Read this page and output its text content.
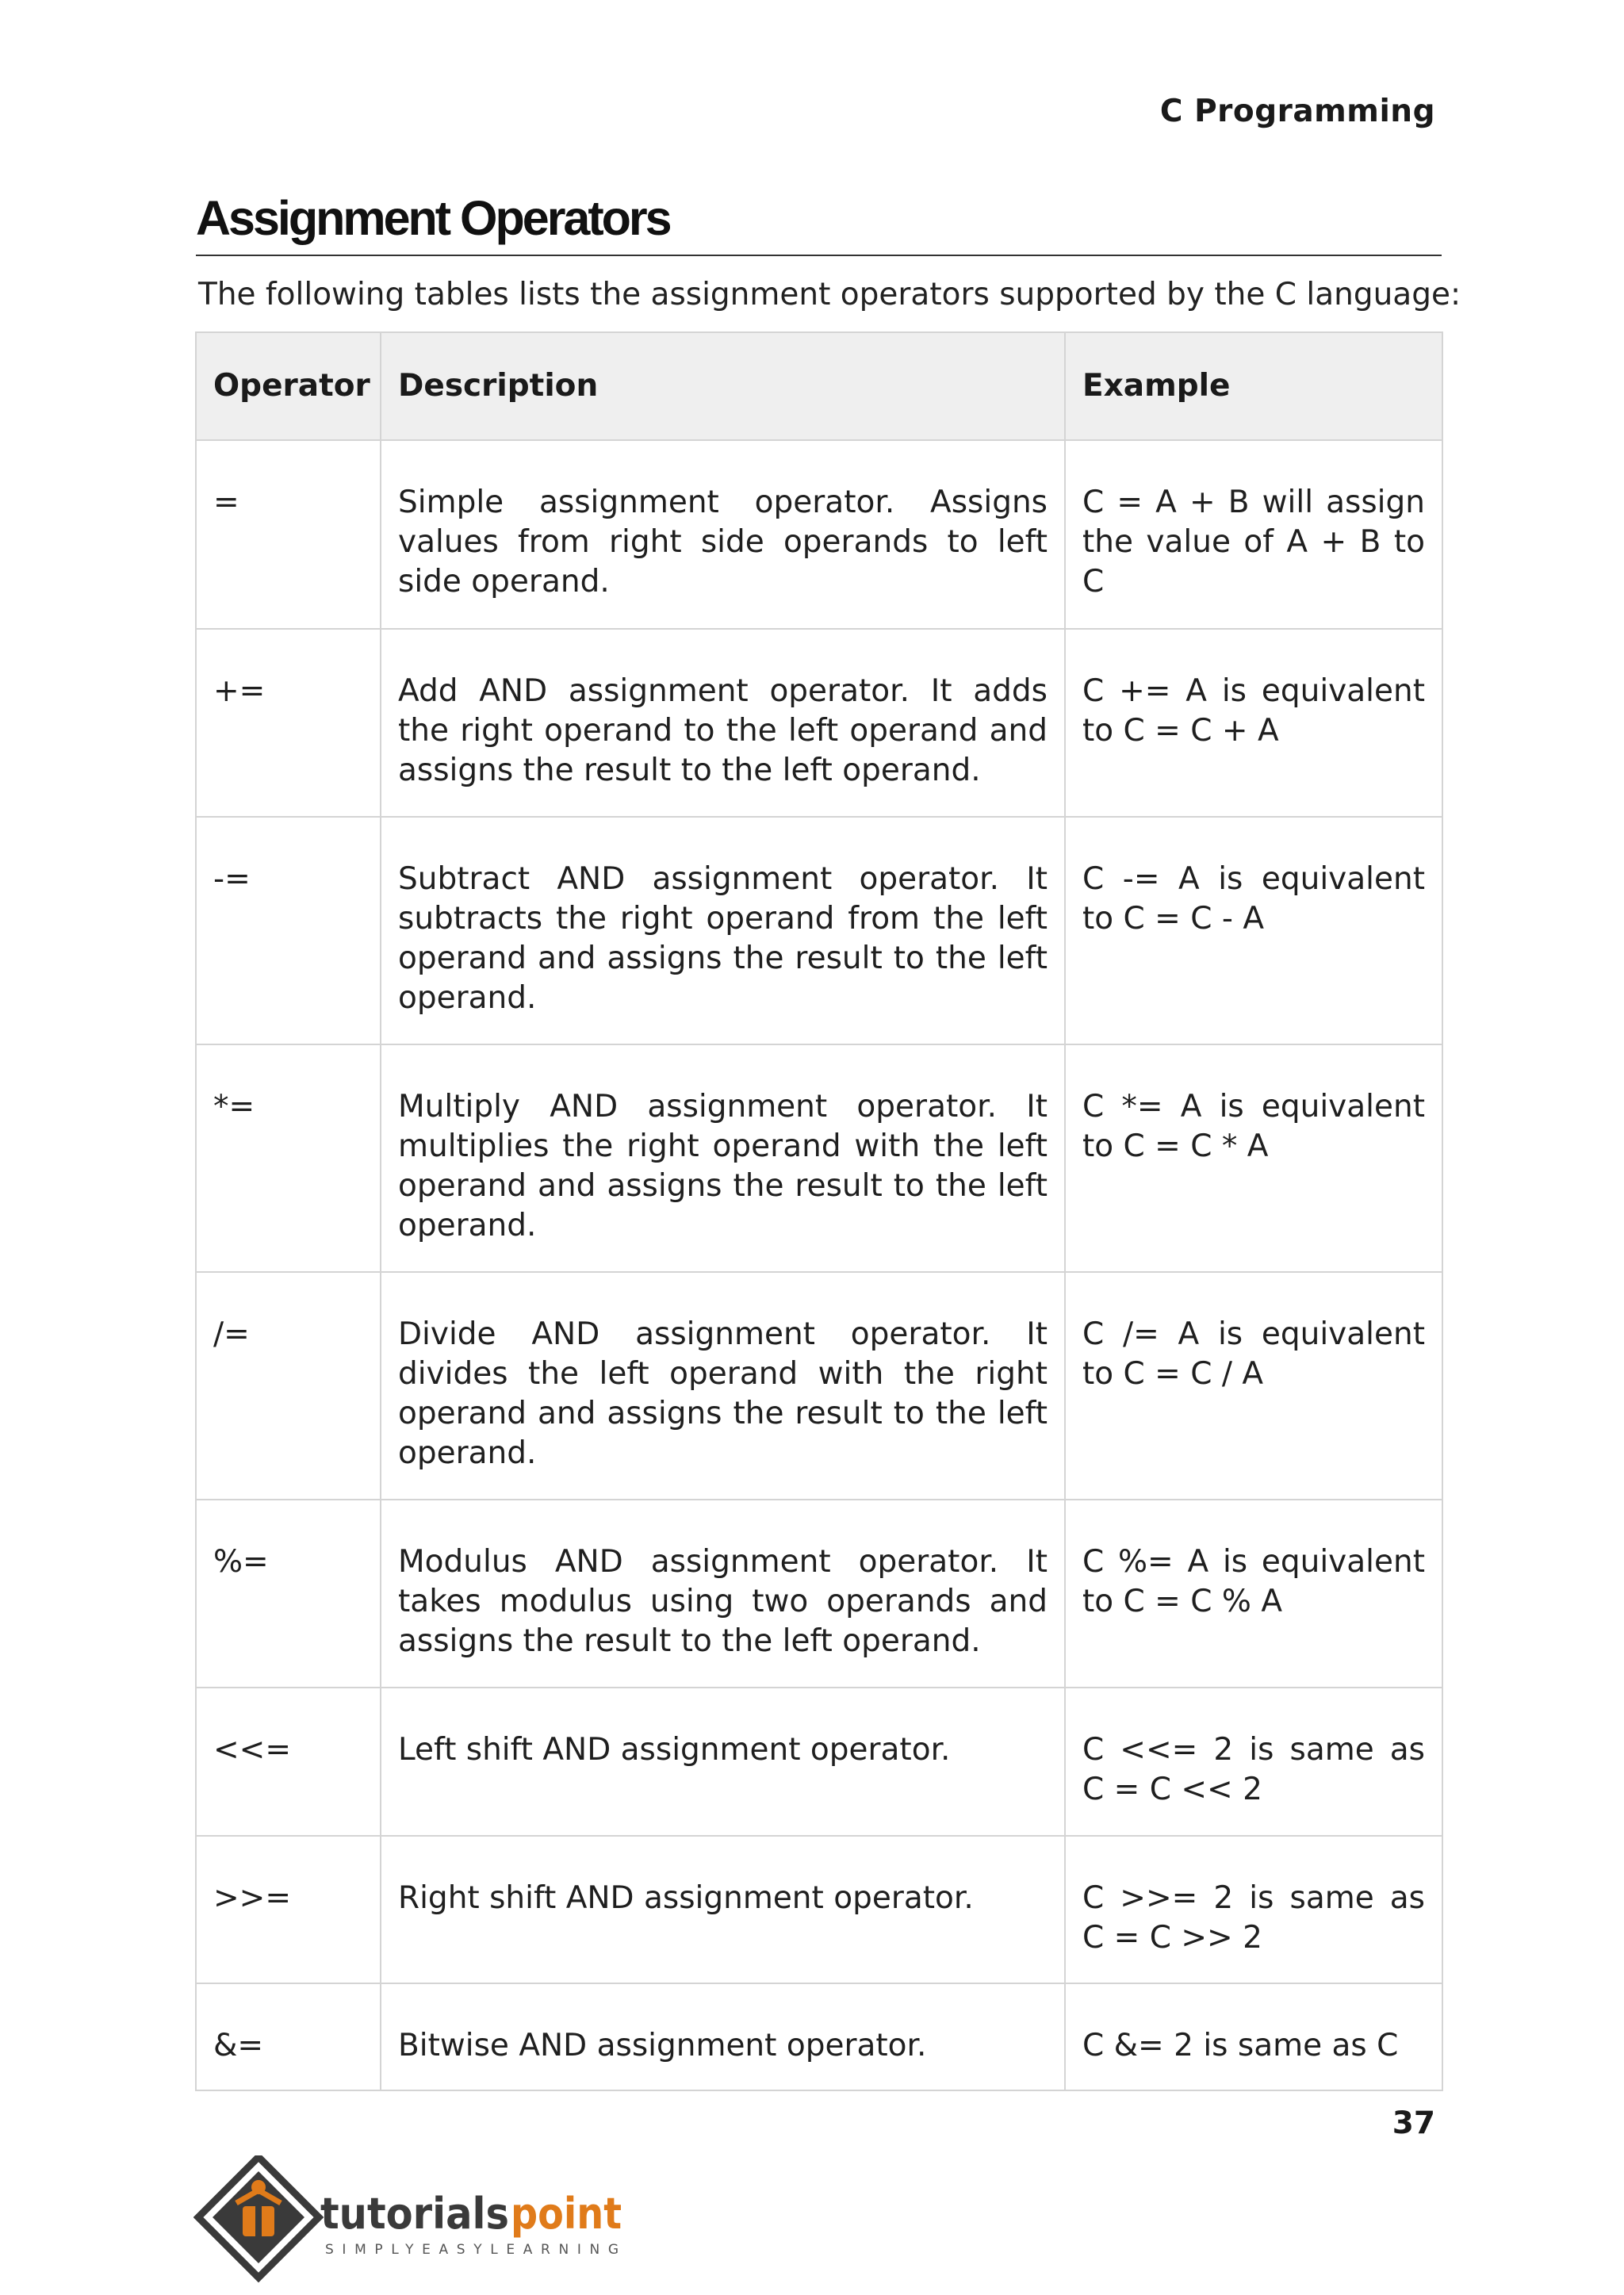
C Programming
Assignment Operators
The following tables lists the assignment operators supported by the C language:
Operator	Description	Example
=	Simple assignment operator. Assigns values from right side operands to left side operand.	C = A + B will assign the value of A + B to C
+=	Add AND assignment operator. It adds the right operand to the left operand and assigns the result to the left operand.	C += A is equivalent to C = C + A
-=	Subtract AND assignment operator. It subtracts the right operand from the left operand and assigns the result to the left operand.	C -= A is equivalent to C = C - A
*=	Multiply AND assignment operator. It multiplies the right operand with the left operand and assigns the result to the left operand.	C *= A is equivalent to C = C * A
/=	Divide AND assignment operator. It divides the left operand with the right operand and assigns the result to the left operand.	C /= A is equivalent to C = C / A
%=	Modulus AND assignment operator. It takes modulus using two operands and assigns the result to the left operand.	C %= A is equivalent to C = C % A
<<=	Left shift AND assignment operator.	C <<= 2 is same as C = C << 2
>>=	Right shift AND assignment operator.	C >>= 2 is same as C = C >> 2
&=	Bitwise AND assignment operator.	C &= 2 is same as C
37
tutorials point
SIMPLYEASYLEARNING
